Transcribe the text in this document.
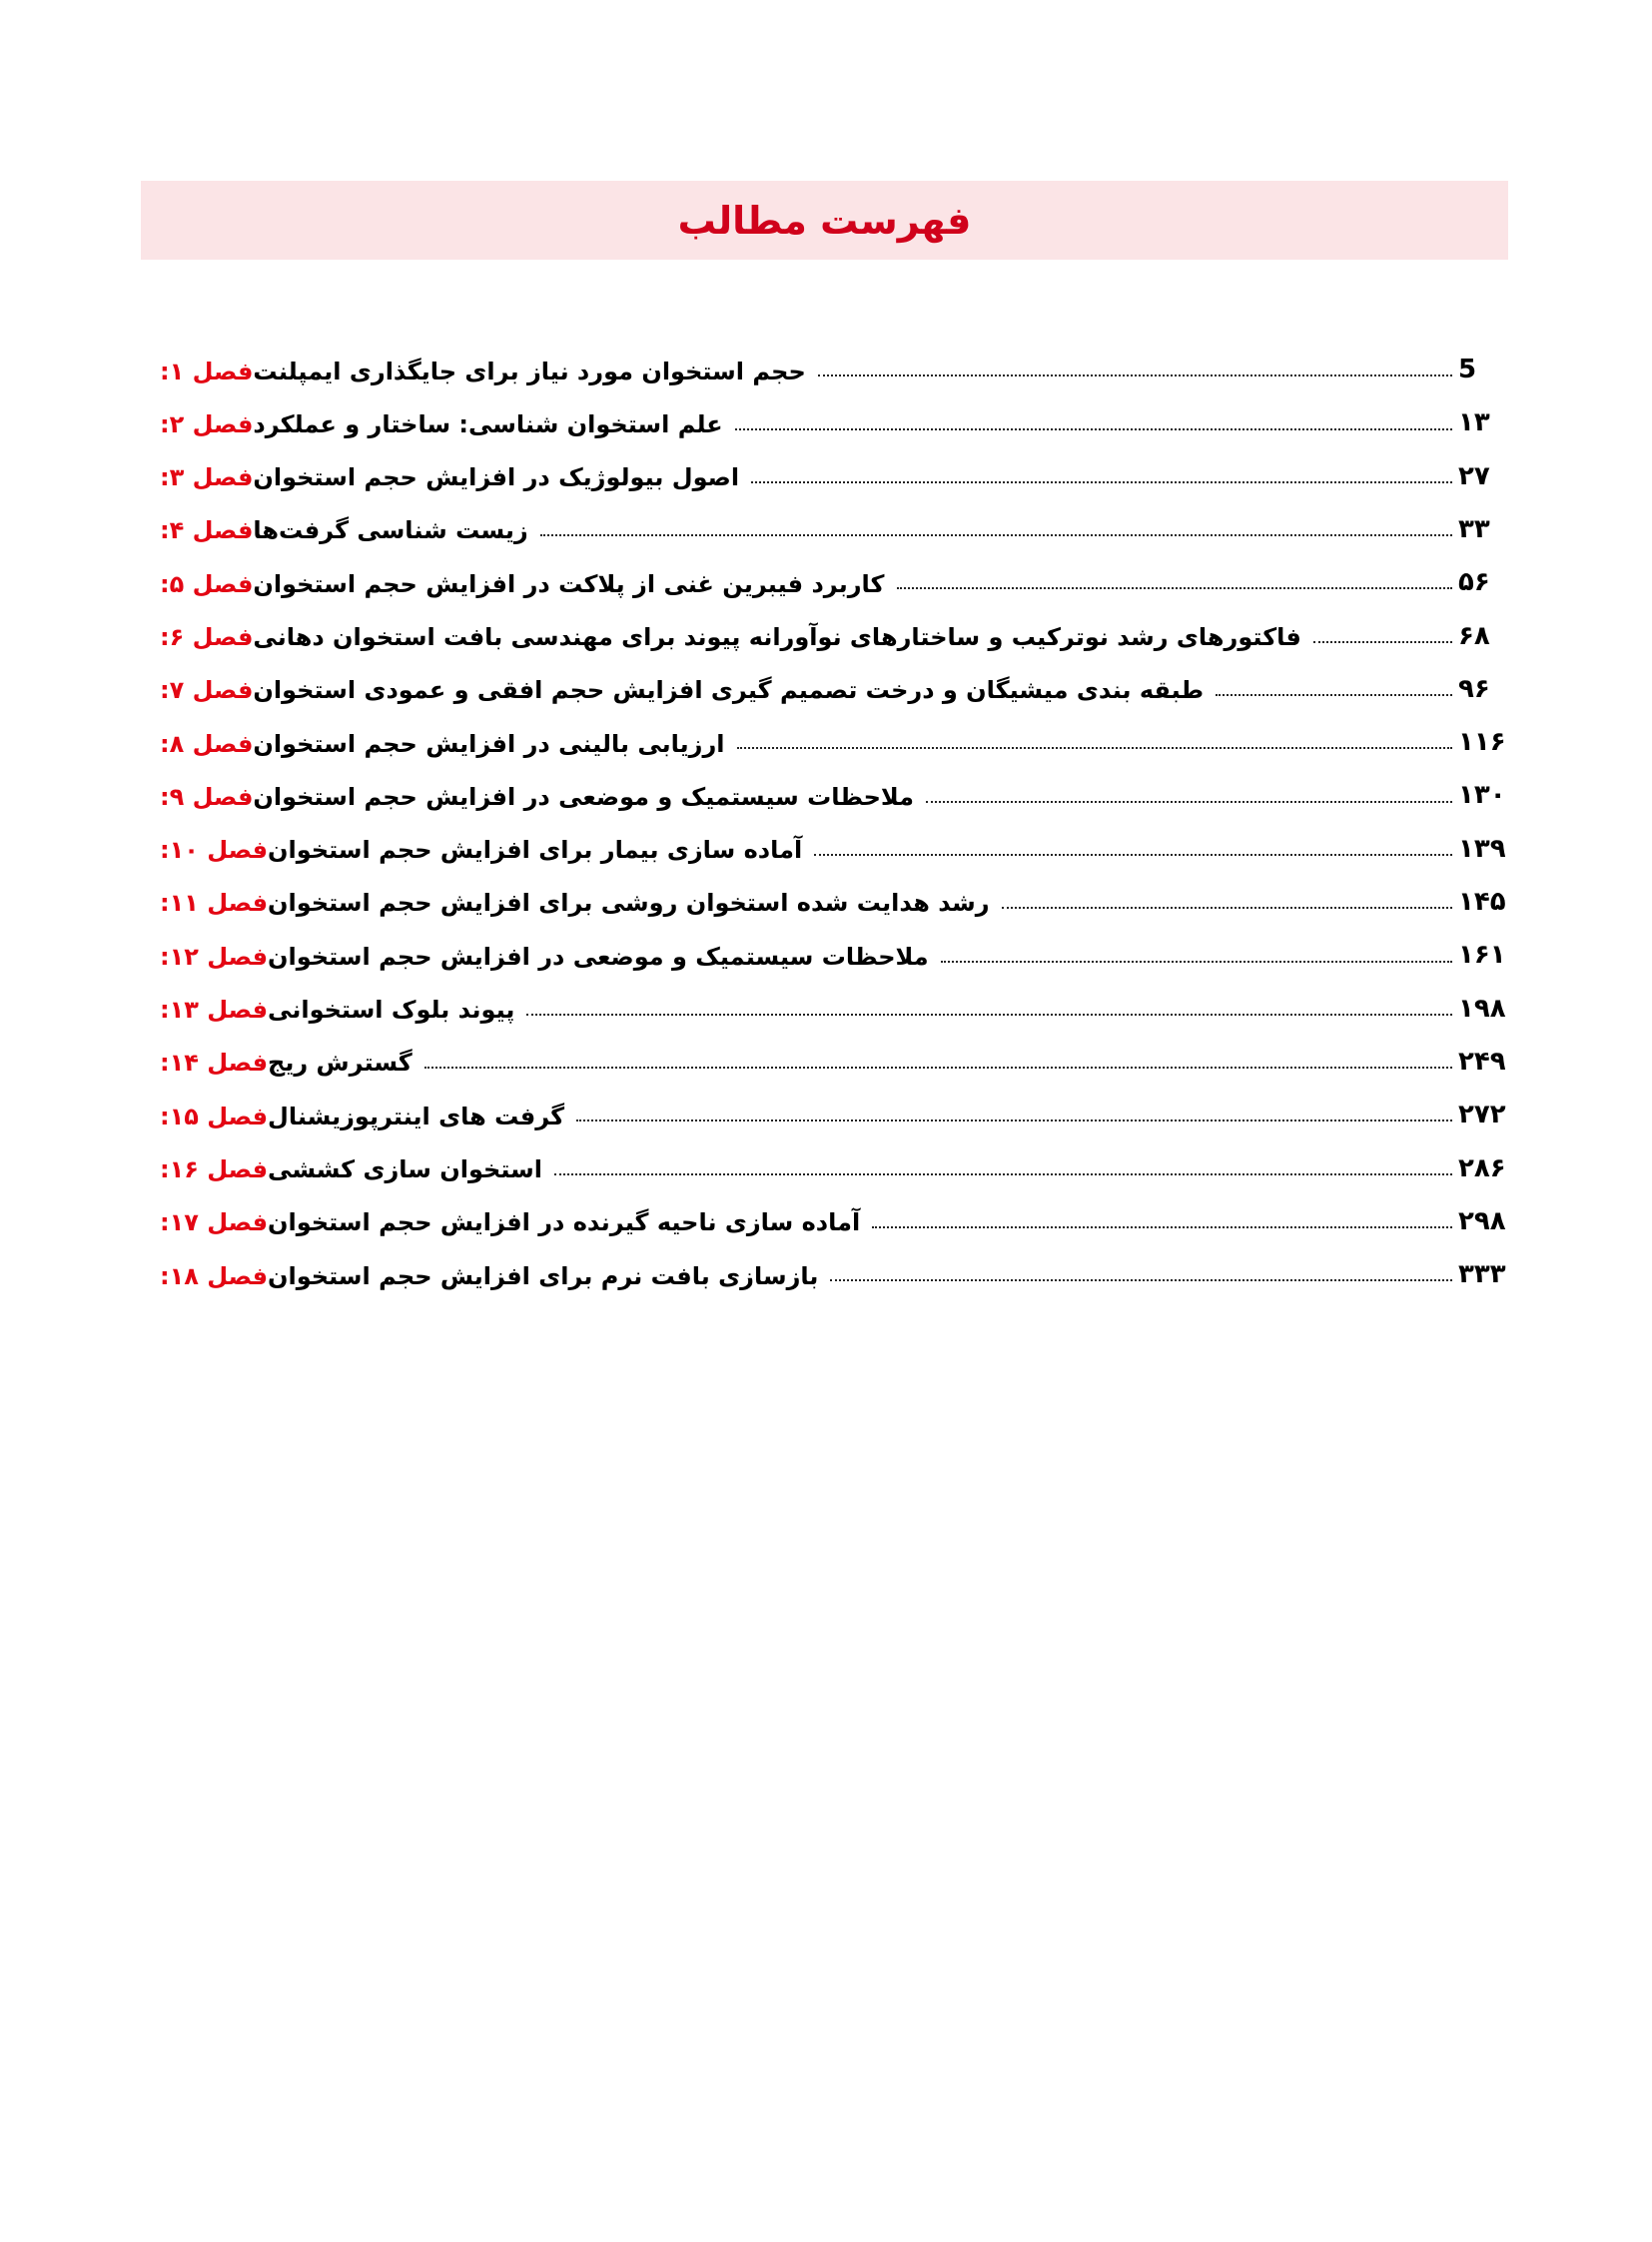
فهرست مطالب
فصل ۱: حجم استخوان مورد نیاز برای جایگذاری ایمپلنت	5
فصل ۲: علم استخوان شناسی: ساختار و عملکرد	۱۳
فصل ۳: اصول بیولوژیک در افزایش حجم استخوان	۲۷
فصل ۴: زیست شناسی گرفت‌ها	۳۳
فصل ۵: کاربرد فیبرین غنی از پلاکت در افزایش حجم استخوان	۵۶
فصل ۶: فاکتورهای رشد نوترکیب و ساختارهای نوآورانه پیوند برای مهندسی بافت استخوان دهانی	۶۸
فصل ۷: طبقه بندی میشیگان و درخت تصمیم گیری افزایش حجم افقی و عمودی استخوان	۹۶
فصل ۸: ارزیابی بالینی در افزایش حجم استخوان	۱۱۶
فصل ۹: ملاحظات سیستمیک و موضعی در افزایش حجم استخوان	۱۳۰
فصل ۱۰: آماده سازی بیمار برای افزایش حجم استخوان	۱۳۹
فصل ۱۱: رشد هدایت شده استخوان روشی برای افزایش حجم استخوان	۱۴۵
فصل ۱۲: ملاحظات سیستمیک و موضعی در افزایش حجم استخوان	۱۶۱
فصل ۱۳: پیوند بلوک استخوانی	۱۹۸
فصل ۱۴: گسترش ریج	۲۴۹
فصل ۱۵: گرفت های اینترپوزیشنال	۲۷۲
فصل ۱۶: استخوان سازی کششی	۲۸۶
فصل ۱۷: آماده سازی ناحیه گیرنده در افزایش حجم استخوان	۲۹۸
فصل ۱۸: بازسازی بافت نرم برای افزایش حجم استخوان	۳۳۳
